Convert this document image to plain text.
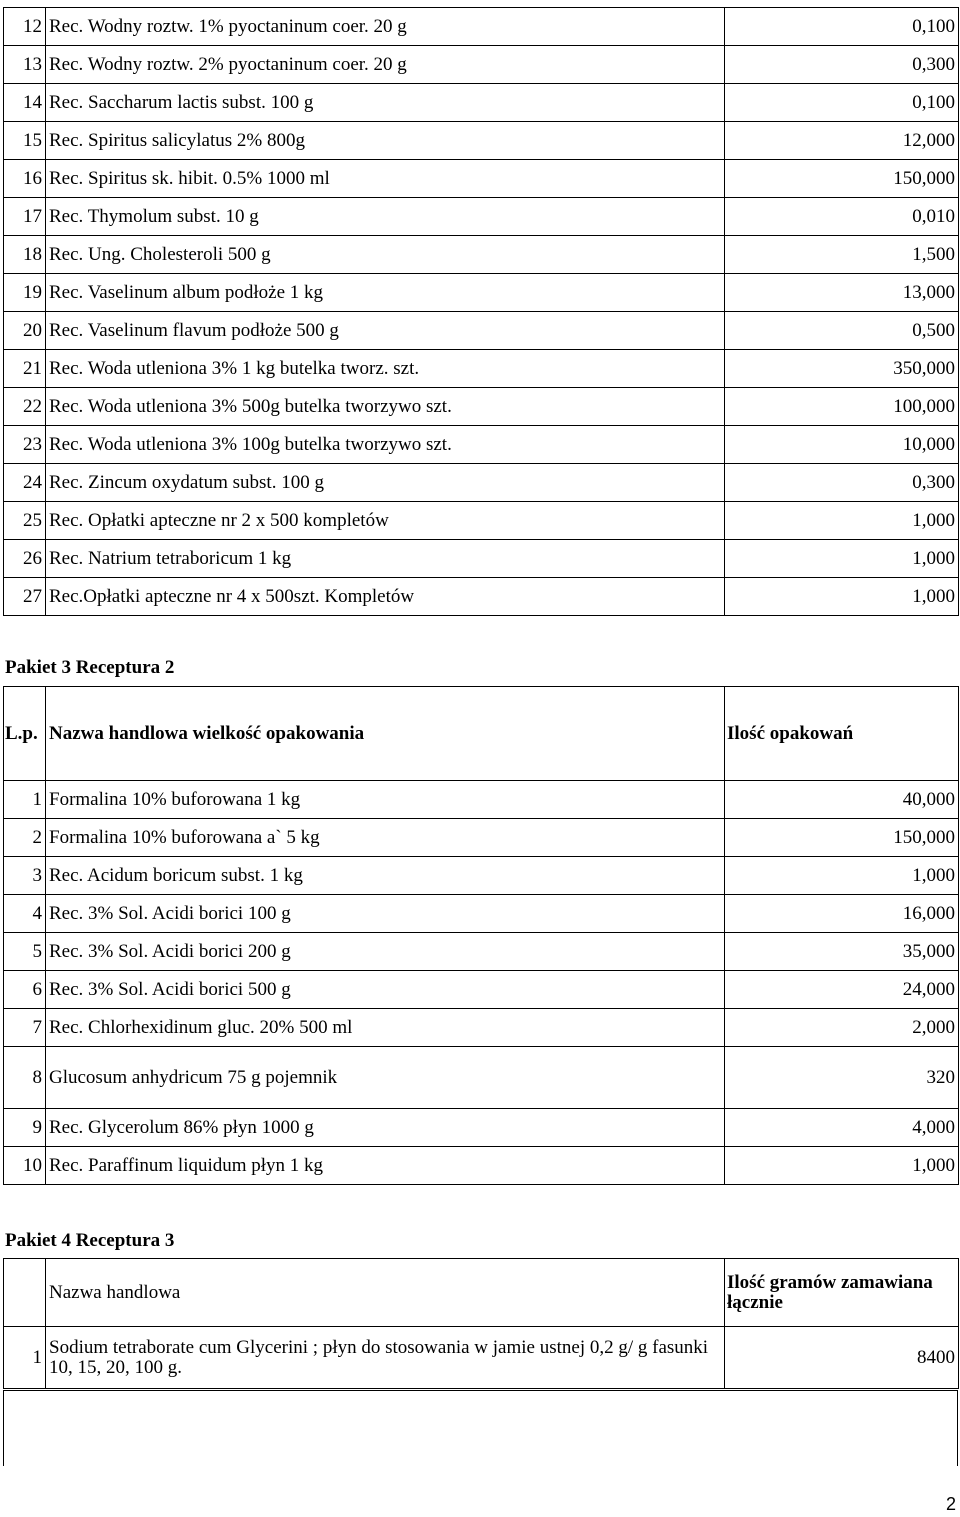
12	Rec. Wodny roztw. 1% pyoctaninum coer. 20 g	0,100
13	Rec. Wodny roztw. 2% pyoctaninum coer. 20 g	0,300
14	Rec. Saccharum lactis subst. 100 g	0,100
15	Rec. Spiritus salicylatus 2% 800g	12,000
16	Rec. Spiritus sk. hibit. 0.5% 1000 ml	150,000
17	Rec. Thymolum subst. 10 g	0,010
18	Rec. Ung. Cholesteroli 500 g	1,500
19	Rec. Vaselinum album podłoże 1 kg	13,000
20	Rec. Vaselinum flavum podłoże 500 g	0,500
21	Rec. Woda utleniona 3% 1 kg butelka tworz. szt.	350,000
22	Rec. Woda utleniona 3% 500g butelka tworzywo szt.	100,000
23	Rec. Woda utleniona 3% 100g butelka tworzywo szt.	10,000
24	Rec. Zincum oxydatum subst. 100 g	0,300
25	Rec. Opłatki apteczne nr 2 x 500 kompletów	1,000
26	Rec. Natrium tetraboricum 1 kg	1,000
27	Rec.Opłatki apteczne nr 4 x 500szt. Kompletów	1,000
Pakiet 3 Receptura 2
L.p.	Nazwa handlowa wielkość opakowania	Ilość opakowań
1	Formalina 10% buforowana 1 kg	40,000
2	Formalina 10% buforowana a` 5 kg	150,000
3	Rec. Acidum boricum subst. 1 kg	1,000
4	Rec. 3% Sol. Acidi borici 100 g	16,000
5	Rec. 3% Sol. Acidi borici 200 g	35,000
6	Rec. 3% Sol. Acidi borici 500 g	24,000
7	Rec. Chlorhexidinum gluc. 20% 500 ml	2,000
8	Glucosum anhydricum 75 g pojemnik	320
9	Rec. Glycerolum 86% płyn 1000 g	4,000
10	Rec. Paraffinum liquidum płyn 1 kg	1,000
Pakiet 4 Receptura 3
	Nazwa handlowa	Ilość gramów zamawiana łącznie
1	Sodium tetraborate cum Glycerini ; płyn do stosowania w jamie ustnej 0,2 g/ g fasunki 10, 15, 20, 100 g.	8400
2
